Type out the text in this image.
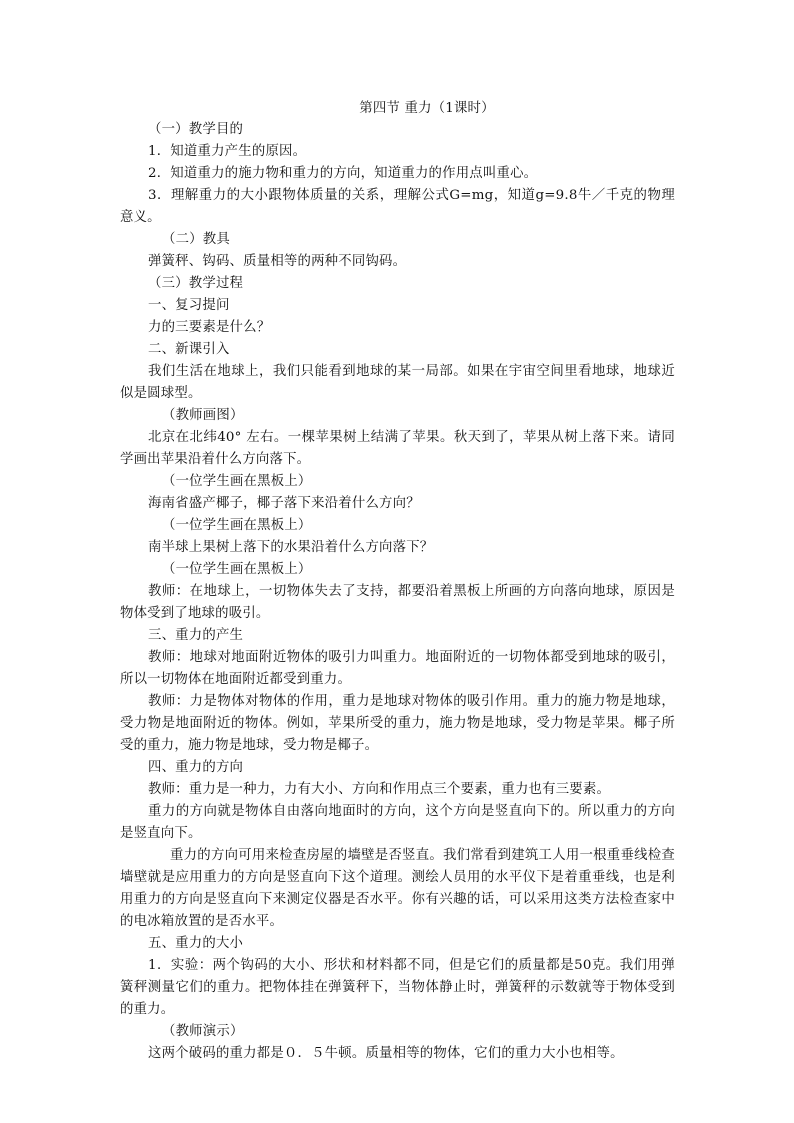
第四节 重力（1课时）

（一）教学目的

1．知道重力产生的原因。

2．知道重力的施力物和重力的方向，知道重力的作用点叫重心。

3．理解重力的大小跟物体质量的关系，理解公式G=mg，知道g=9.8牛／千克的物理意义。

（二）教具

弹簧秤、钩码、质量相等的两种不同钩码。

（三）教学过程

一、复习提问

力的三要素是什么？

二、新课引入

我们生活在地球上，我们只能看到地球的某一局部。如果在宇宙空间里看地球，地球近似是圆球型。

（教师画图）

北京在北纬40° 左右。一棵苹果树上结满了苹果。秋天到了，苹果从树上落下来。请同学画出苹果沿着什么方向落下。

（一位学生画在黑板上）

海南省盛产椰子，椰子落下来沿着什么方向？

（一位学生画在黑板上）

南半球上果树上落下的水果沿着什么方向落下？

（一位学生画在黑板上）

教师：在地球上，一切物体失去了支持，都要沿着黑板上所画的方向落向地球，原因是物体受到了地球的吸引。

三、重力的产生

教师：地球对地面附近物体的吸引力叫重力。地面附近的一切物体都受到地球的吸引，所以一切物体在地面附近都受到重力。

教师：力是物体对物体的作用，重力是地球对物体的吸引作用。重力的施力物是地球，受力物是地面附近的物体。例如，苹果所受的重力，施力物是地球，受力物是苹果。椰子所受的重力，施力物是地球，受力物是椰子。

四、重力的方向

教师：重力是一种力，力有大小、方向和作用点三个要素，重力也有三要素。

重力的方向就是物体自由落向地面时的方向，这个方向是竖直向下的。所以重力的方向是竖直向下。

重力的方向可用来检查房屋的墙壁是否竖直。我们常看到建筑工人用一根重垂线检查墙壁就是应用重力的方向是竖直向下这个道理。测绘人员用的水平仪下是着重垂线，也是利用重力的方向是竖直向下来测定仪器是否水平。你有兴趣的话，可以采用这类方法检查家中的电冰箱放置的是否水平。

五、重力的大小

1．实验：两个钩码的大小、形状和材料都不同，但是它们的质量都是50克。我们用弹簧秤测量它们的重力。把物体挂在弹簧秤下，当物体静止时，弹簧秤的示数就等于物体受到的重力。

（教师演示）

这两个破码的重力都是０．５牛顿。质量相等的物体，它们的重力大小也相等。
